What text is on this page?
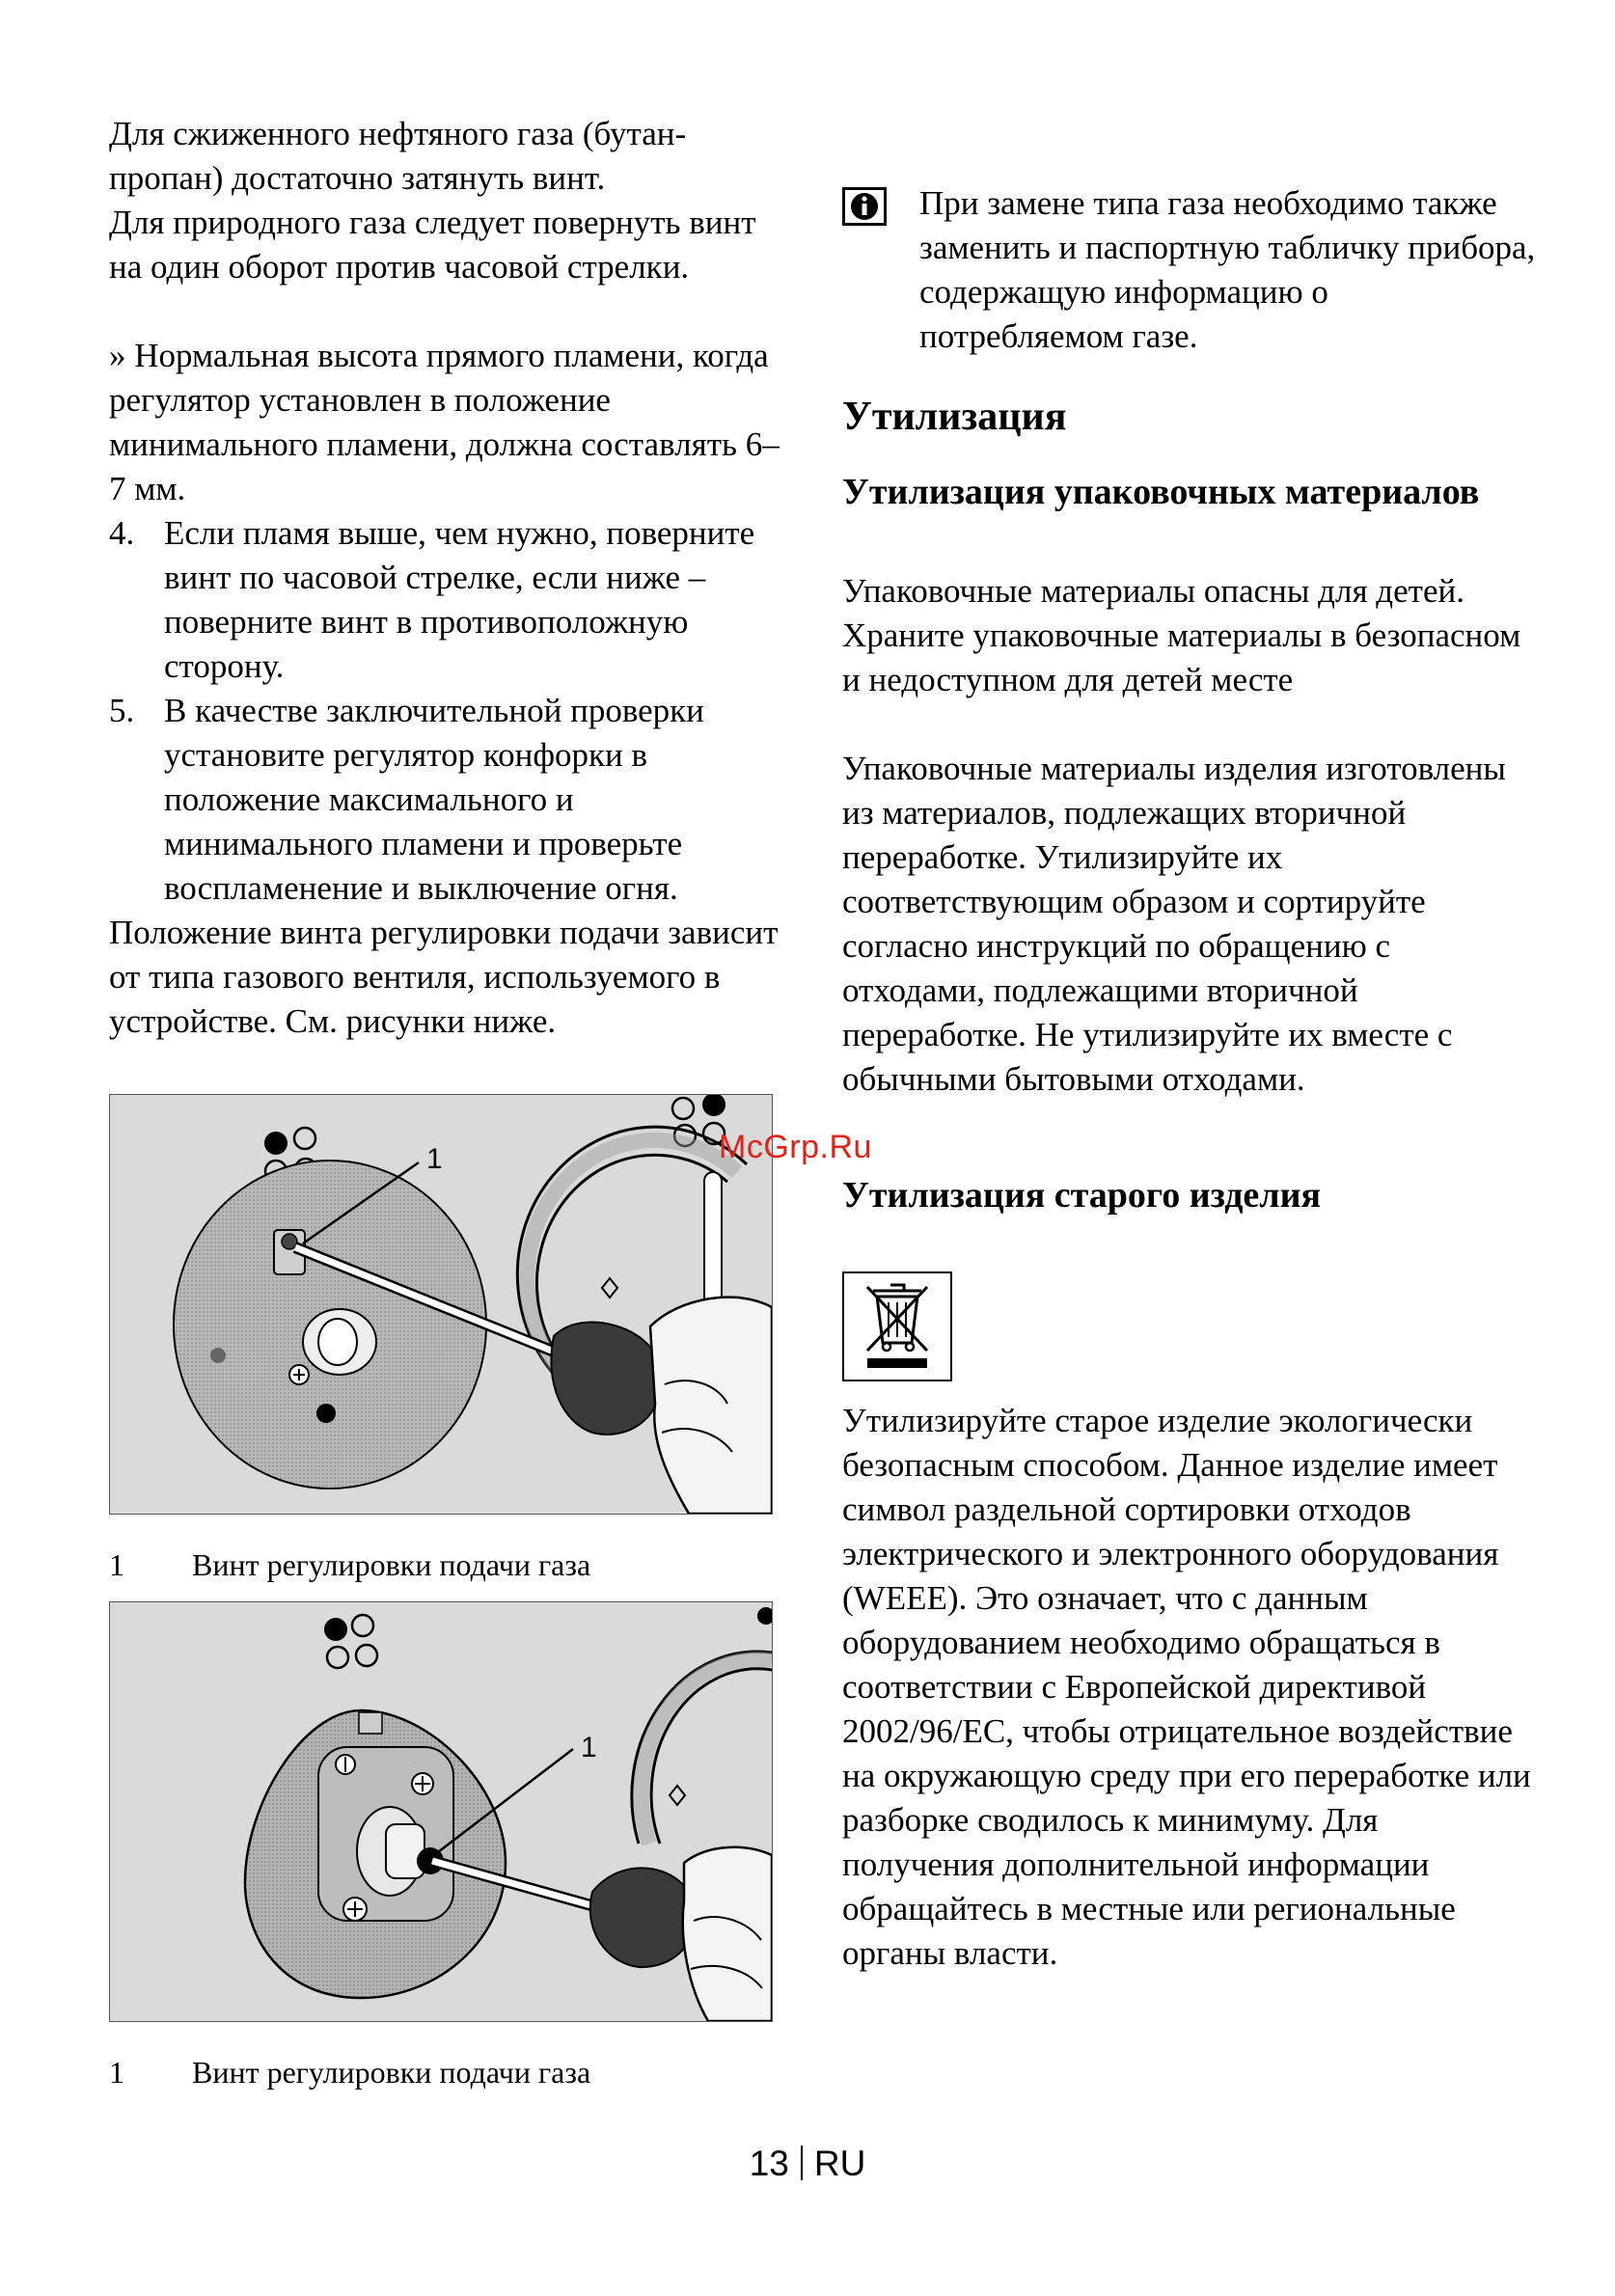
Для сжиженного нефтяного газа (бутан-пропан) достаточно затянуть винт.

Для природного газа следует повернуть винт на один оборот против часовой стрелки.

» Нормальная высота прямого пламени, когда регулятор установлен в положение минимального пламени, должна составлять 6–7 мм.

4. Если пламя выше, чем нужно, поверните винт по часовой стрелке, если ниже – поверните винт в противоположную сторону.
5. В качестве заключительной проверки установите регулятор конфорки в положение максимального и минимального пламени и проверьте воспламенение и выключение огня.

Положение винта регулировки подачи зависит от типа газового вентиля, используемого в устройстве. См. рисунки ниже.

1
1 Винт регулировки подачи газа
1
1 Винт регулировки подачи газа

При замене типа газа необходимо также заменить и паспортную табличку прибора, содержащую информацию о потребляемом газе.

Утилизация
Утилизация упаковочных материалов

Упаковочные материалы опасны для детей. Храните упаковочные материалы в безопасном и недоступном для детей месте

Упаковочные материалы изделия изготовлены из материалов, подлежащих вторичной переработке. Утилизируйте их соответствующим образом и сортируйте согласно инструкций по обращению с отходами, подлежащими вторичной переработке. Не утилизируйте их вместе с обычными бытовыми отходами.

Утилизация старого изделия

Утилизируйте старое изделие экологически безопасным способом. Данное изделие имеет символ раздельной сортировки отходов электрического и электронного оборудования (WEEE). Это означает, что с данным оборудованием необходимо обращаться в соответствии с Европейской директивой 2002/96/EC, чтобы отрицательное воздействие на окружающую среду при его переработке или разборке сводилось к минимуму. Для получения дополнительной информации обращайтесь в местные или региональные органы власти.

McGrp.Ru
13 RU
